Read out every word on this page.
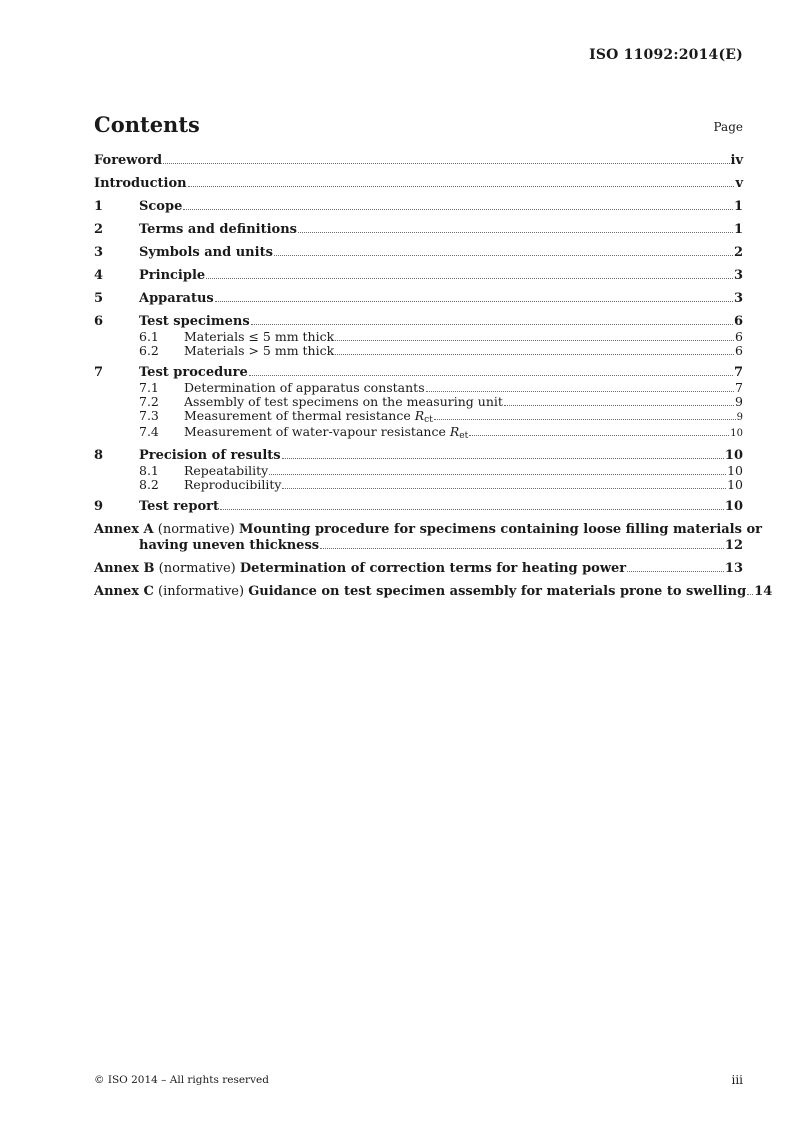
ISO 11092:2014(E)
Contents	Page
Foreword	iv
Introduction	v
1	Scope	1
2	Terms and definitions	1
3	Symbols and units	2
4	Principle	3
5	Apparatus	3
6	Test specimens	6
6.1	Materials ≤ 5 mm thick	6
6.2	Materials > 5 mm thick	6
7	Test procedure	7
7.1	Determination of apparatus constants	7
7.2	Assembly of test specimens on the measuring unit	9
7.3	Measurement of thermal resistance Rct	9
7.4	Measurement of water-vapour resistance Ret	10
8	Precision of results	10
8.1	Repeatability	10
8.2	Reproducibility	10
9	Test report	10
Annex A (normative) Mounting procedure for specimens containing loose filling materials or
having uneven thickness	12
Annex B (normative) Determination of correction terms for heating power	13
Annex C (informative) Guidance on test specimen assembly for materials prone to swelling 14
© ISO 2014 – All rights reserved	iii
